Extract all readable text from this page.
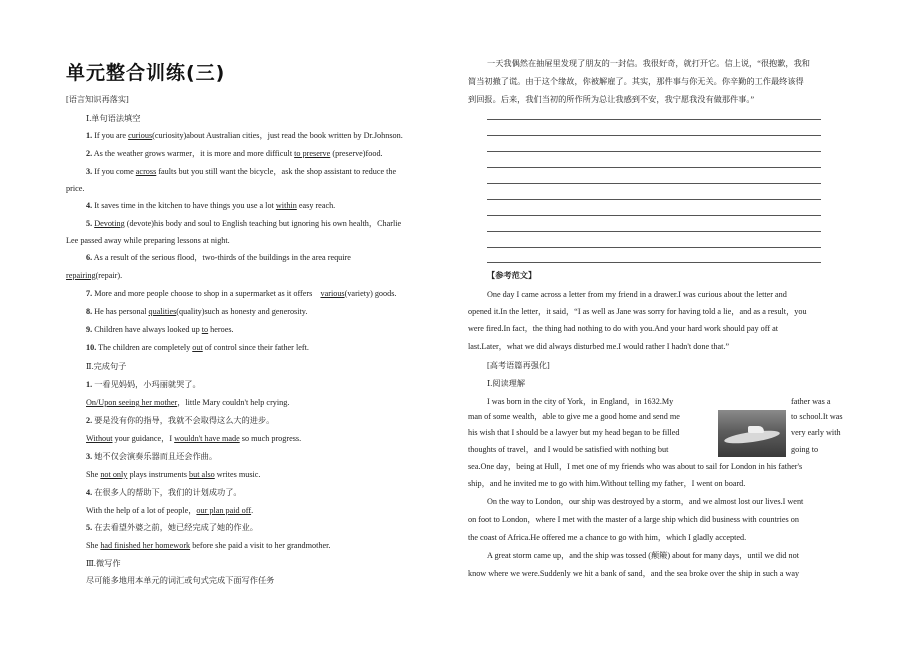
单元整合训练(三)
[语言知识再落实]
Ⅰ.单句语法填空
1. If you are curious(curiosity)about Australian cities，just read the book written by Dr.Johnson.
2. As the weather grows warmer，it is more and more difficult to preserve (preserve)food.
3. If you come across faults but you still want the bicycle，ask the shop assistant to reduce the
price.
4. It saves time in the kitchen to have things you use a lot within easy reach.
5. Devoting (devote)his body and soul to English teaching but ignoring his own health，Charlie
Lee passed away while preparing lessons at night.
6. As a result of the serious flood，two-thirds of the buildings in the area require
repairing(repair).
7. More and more people choose to shop in a supermarket as it offers    various(variety) goods.
8. He has personal qualities(quality)such as honesty and generosity.
9. Children have always looked up to heroes.
10. The children are completely out of control since their father left.
Ⅱ.完成句子
1. 一看见妈妈，小玛丽就哭了。
On/Upon seeing her mother，little Mary couldn't help crying.
2. 要是没有你的指导，我就不会取得这么大的进步。
Without your guidance，I wouldn't have made so much progress.
3. 她不仅会演奏乐器而且还会作曲。
She not only plays instruments but also writes music.
4. 在很多人的帮助下，我们的计划成功了。
With the help of a lot of people，our plan paid off.
5. 在去看望外婆之前，她已经完成了她的作业。
She had finished her homework before she paid a visit to her grandmother.
Ⅲ.微写作
尽可能多地用本单元的词汇或句式完成下面写作任务
一天我偶然在抽屉里发现了朋友的一封信。我很好奇，就打开它。信上说，“很抱歉，我和
简当初撤了谎。由于这个缘故，你被解雇了。其实，那件事与你无关。你辛勤的工作最终该得
到回报。后来，我们当初的所作所为总让我感到不安，我宁愿我没有做那件事。”
【参考范文】
One day I came across a letter from my friend in a drawer.I was curious about the letter and
opened it.In the letter，it said，“I as well as Jane was sorry for having told a lie，and as a result，you
were fired.In fact，the thing had nothing to do with you.And your hard work should pay off at
last.Later，what we did always disturbed me.I would rather I hadn't done that.”
[高考语篇再强化]
Ⅰ.阅读理解
I was born in the city of York，in England，in 1632.My
man of some wealth，able to give me a good home and send me
his wish that I should be a lawyer but my head began to be filled
thoughts of travel，and I would be satisfied with nothing but
father was a
to school.It was
very early with
going to
sea.One day，being at Hull，I met one of my friends who was about to sail for London in his father's
ship，and he invited me to go with him.Without telling my father，I went on board.
On the way to London，our ship was destroyed by a storm，and we almost lost our lives.I went
on foot to London，where I met with the master of a large ship which did business with countries on
the coast of Africa.He offered me a chance to go with him，which I gladly accepted.
A great storm came up，and the ship was tossed (颠簸) about for many days，until we did not
know where we were.Suddenly we hit a bank of sand，and the sea broke over the ship in such a way
